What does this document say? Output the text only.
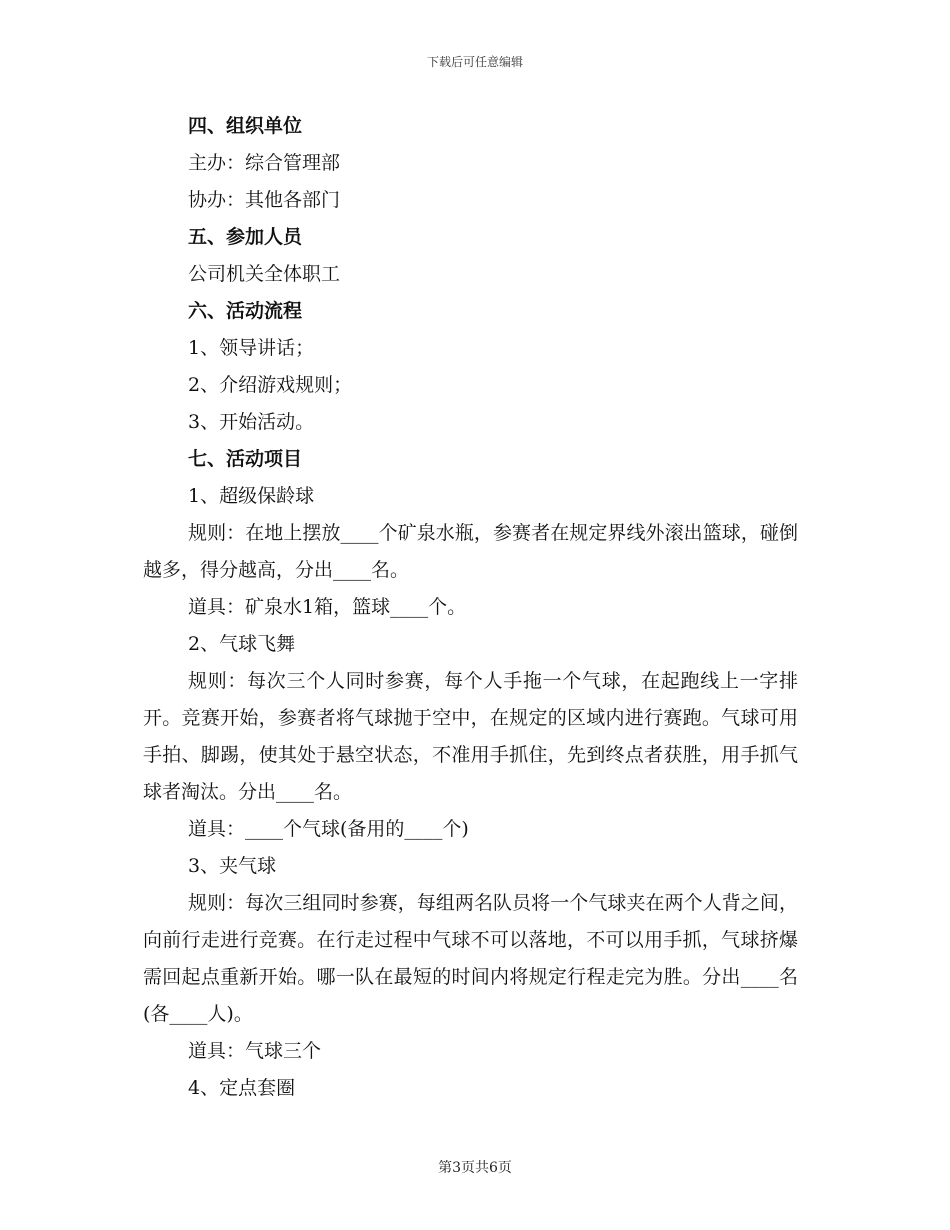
下载后可任意编辑
四、组织单位
主办：综合管理部
协办：其他各部门
五、参加人员
公司机关全体职工
六、活动流程
1、领导讲话；
2、介绍游戏规则；
3、开始活动。
七、活动项目
1、超级保龄球
规则：在地上摆放____个矿泉水瓶，参赛者在规定界线外滚出篮球，碰倒越多，得分越高，分出____名。
道具：矿泉水1箱，篮球____个。
2、气球飞舞
规则：每次三个人同时参赛，每个人手拖一个气球，在起跑线上一字排开。竞赛开始，参赛者将气球抛于空中，在规定的区域内进行赛跑。气球可用手拍、脚踢，使其处于悬空状态，不准用手抓住，先到终点者获胜，用手抓气球者淘汰。分出____名。
道具：____个气球(备用的____个)
3、夹气球
规则：每次三组同时参赛，每组两名队员将一个气球夹在两个人背之间，向前行走进行竞赛。在行走过程中气球不可以落地，不可以用手抓，气球挤爆需回起点重新开始。哪一队在最短的时间内将规定行程走完为胜。分出____名(各____人)。
道具：气球三个
4、定点套圈
第3页共6页
